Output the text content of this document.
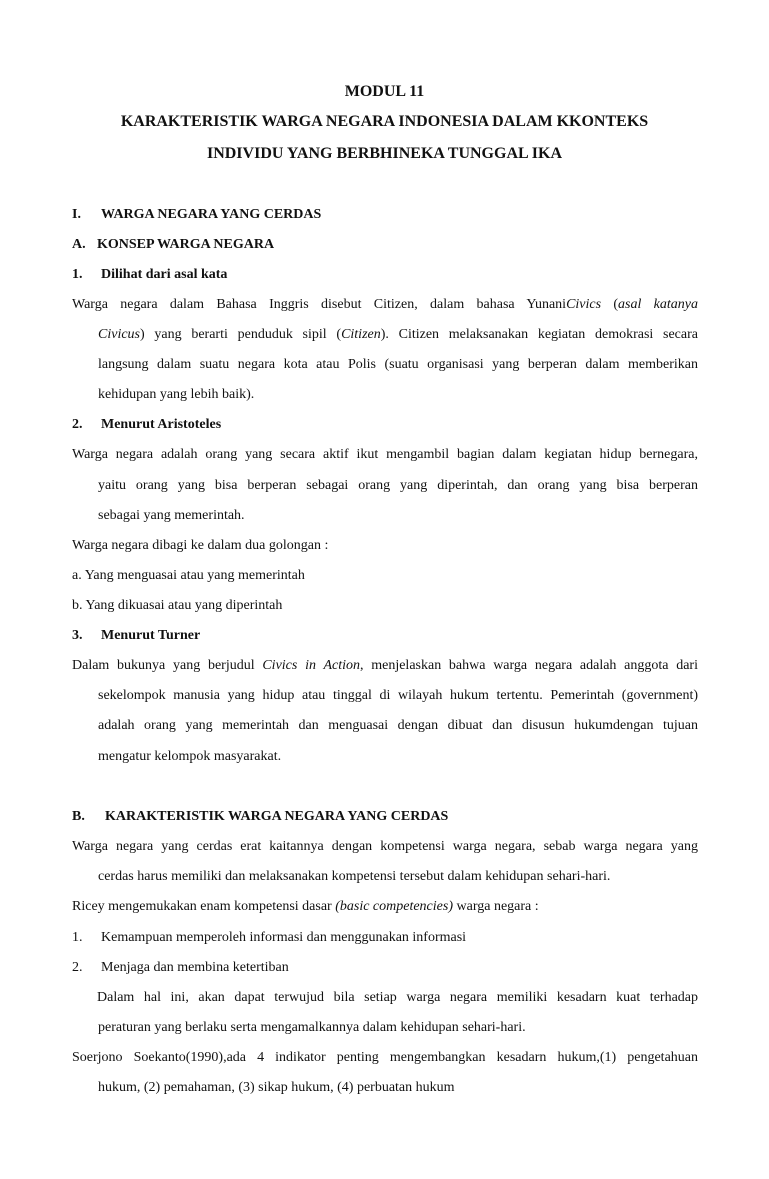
MODUL 11
KARAKTERISTIK WARGA NEGARA INDONESIA DALAM KKONTEKS
INDIVIDU YANG BERBHINEKA TUNGGAL IKA
I. WARGA NEGARA YANG CERDAS
A. KONSEP WARGA NEGARA
1. Dilihat dari asal kata
Warga negara dalam Bahasa Inggris disebut Citizen, dalam bahasa YunaniCivics (asal katanya
Civicus) yang berarti penduduk sipil (Citizen). Citizen melaksanakan kegiatan demokrasi secara
langsung dalam suatu negara kota atau Polis (suatu organisasi yang berperan dalam memberikan
kehidupan yang lebih baik).
2. Menurut Aristoteles
Warga negara adalah orang yang secara aktif ikut mengambil bagian dalam kegiatan hidup bernegara,
yaitu orang yang bisa berperan sebagai orang yang diperintah, dan orang yang bisa berperan
sebagai yang memerintah.
Warga negara dibagi ke dalam dua golongan :
a. Yang menguasai atau yang memerintah
b. Yang dikuasai atau yang diperintah
3. Menurut Turner
Dalam bukunya yang berjudul Civics in Action, menjelaskan bahwa warga negara adalah anggota dari
sekelompok manusia yang hidup atau tinggal di wilayah hukum tertentu. Pemerintah (government)
adalah orang yang memerintah dan menguasai dengan dibuat dan disusun hukumdengan tujuan
mengatur kelompok masyarakat.
B. KARAKTERISTIK WARGA NEGARA YANG CERDAS
Warga negara yang cerdas erat kaitannya dengan kompetensi warga negara, sebab warga negara yang
cerdas harus memiliki dan melaksanakan kompetensi tersebut dalam kehidupan sehari-hari.
Ricey mengemukakan enam kompetensi dasar (basic competencies) warga negara :
1. Kemampuan memperoleh informasi dan menggunakan informasi
2. Menjaga dan membina ketertiban
Dalam hal ini, akan dapat terwujud bila setiap warga negara memiliki kesadarn kuat terhadap
peraturan yang berlaku serta mengamalkannya dalam kehidupan sehari-hari.
Soerjono Soekanto(1990),ada 4 indikator penting mengembangkan kesadarn hukum,(1) pengetahuan
hukum, (2) pemahaman, (3) sikap hukum, (4) perbuatan hukum
